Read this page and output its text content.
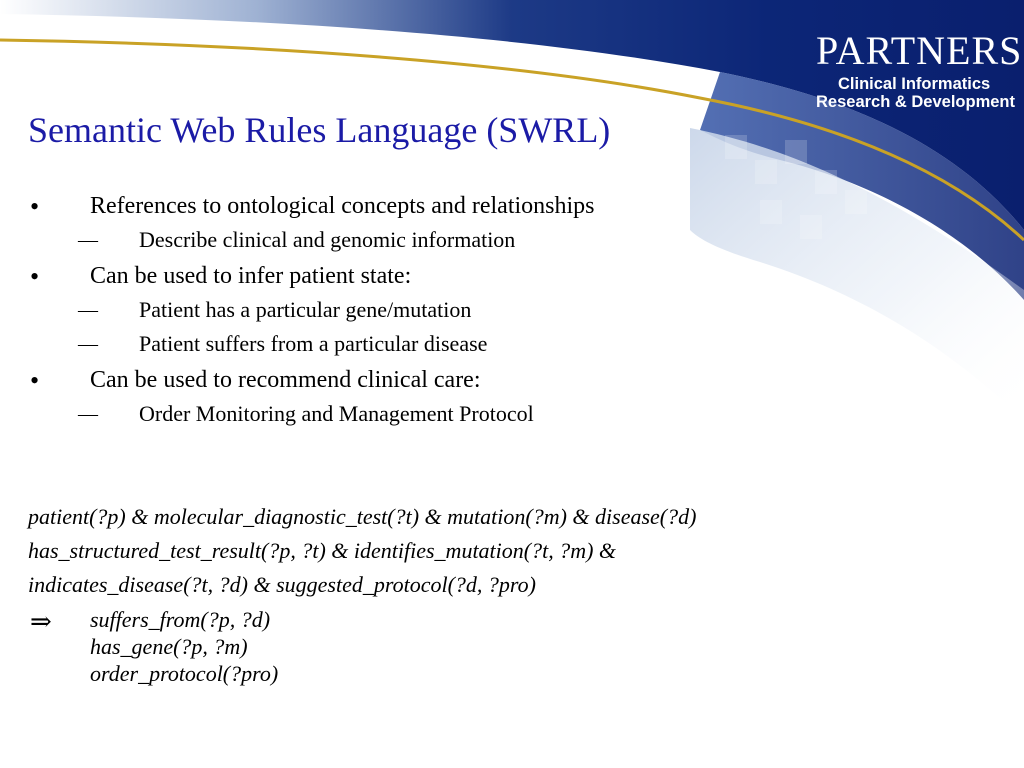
PARTNERS
Clinical Informatics
Research & Development
Semantic Web Rules Language (SWRL)
• References to ontological concepts and relationships
— Describe clinical and genomic information
• Can be used to infer patient state:
— Patient has a particular gene/mutation
— Patient suffers from a particular disease
• Can be used to recommend clinical care:
— Order Monitoring and Management Protocol
patient(?p) & molecular_diagnostic_test(?t) & mutation(?m) & disease(?d)
has_structured_test_result(?p, ?t) & identifies_mutation(?t, ?m) &
indicates_disease(?t, ?d) & suggested_protocol(?d, ?pro)
⇒ suffers_from(?p, ?d)
has_gene(?p, ?m)
order_protocol(?pro)
